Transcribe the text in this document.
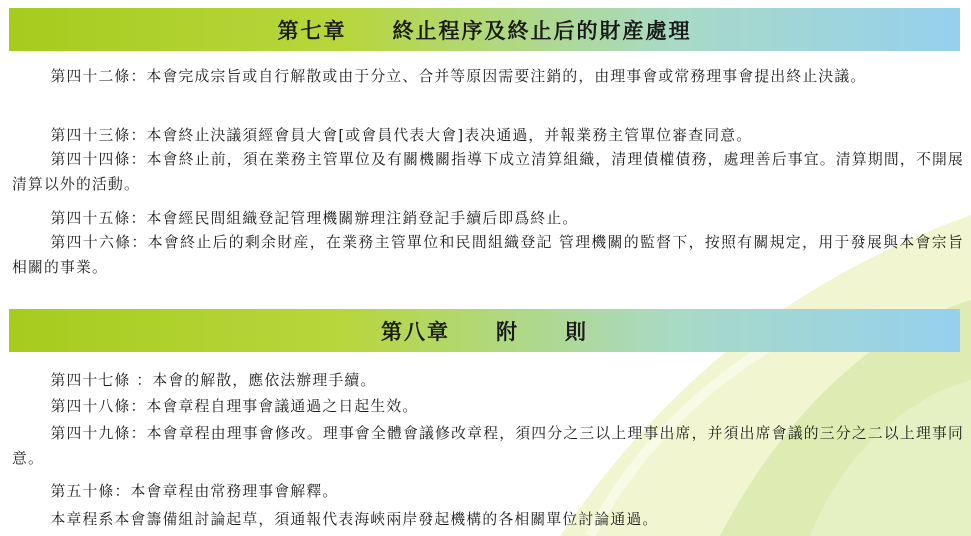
第七章　　終止程序及終止后的財産處理

第四十二條：本會完成宗旨或自行解散或由于分立、合并等原因需要注銷的，由理事會或常務理事會提出終止決議。

第四十三條：本會終止決議須經會員大會[或會員代表大會]表决通過，并報業務主管單位審查同意。

第四十四條：本會終止前，須在業務主管單位及有關機關指導下成立清算組織，清理債權債務，處理善后事宜。清算期間，不開展清算以外的活動。

第四十五條：本會經民間組織登記管理機關辦理注銷登記手續后即爲終止。

第四十六條：本會終止后的剩余財産，在業務主管單位和民間組織登記 管理機關的監督下，按照有關規定，用于發展與本會宗旨相關的事業。

第八章　　附　　則

第四十七條 ：本會的解散，應依法辦理手續。

第四十八條：本會章程自理事會議通過之日起生效。

第四十九條：本會章程由理事會修改。理事會全體會議修改章程，須四分之三以上理事出席，并須出席會議的三分之二以上理事同意。

第五十條：本會章程由常務理事會解釋。

本章程系本會籌備組討論起草，須通報代表海峽兩岸發起機構的各相關單位討論通過。
